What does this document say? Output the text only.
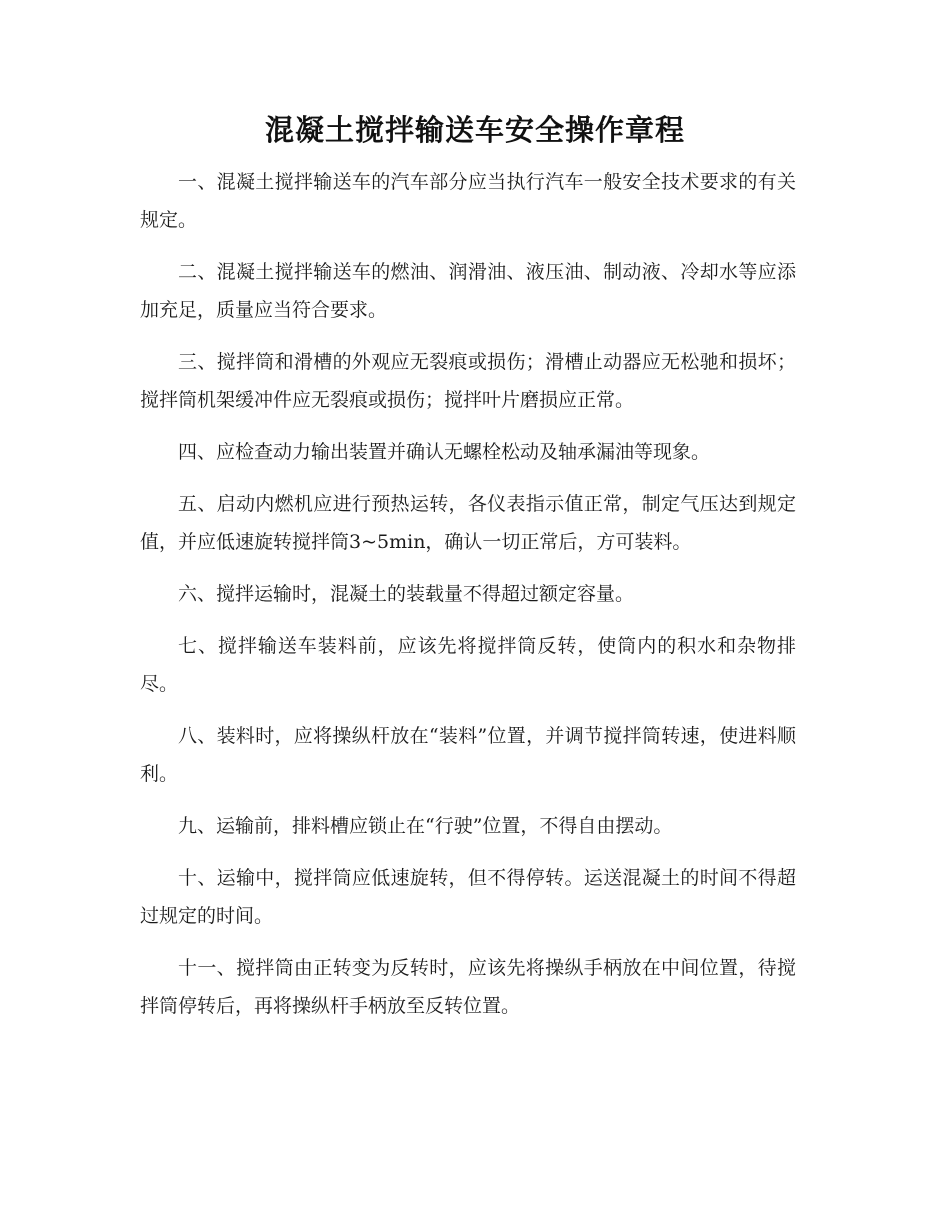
混凝土搅拌输送车安全操作章程

一、混凝土搅拌输送车的汽车部分应当执行汽车一般安全技术要求的有关规定。

二、混凝土搅拌输送车的燃油、润滑油、液压油、制动液、冷却水等应添加充足，质量应当符合要求。

三、搅拌筒和滑槽的外观应无裂痕或损伤；滑槽止动器应无松驰和损坏；搅拌筒机架缓冲件应无裂痕或损伤；搅拌叶片磨损应正常。

四、应检查动力输出装置并确认无螺栓松动及轴承漏油等现象。

五、启动内燃机应进行预热运转，各仪表指示值正常，制定气压达到规定值，并应低速旋转搅拌筒3~5min，确认一切正常后，方可装料。

六、搅拌运输时，混凝土的装载量不得超过额定容量。

七、搅拌输送车装料前，应该先将搅拌筒反转，使筒内的积水和杂物排尽。

八、装料时，应将操纵杆放在“装料”位置，并调节搅拌筒转速，使进料顺利。

九、运输前，排料槽应锁止在“行驶”位置，不得自由摆动。

十、运输中，搅拌筒应低速旋转，但不得停转。运送混凝土的时间不得超过规定的时间。

十一、搅拌筒由正转变为反转时，应该先将操纵手柄放在中间位置，待搅拌筒停转后，再将操纵杆手柄放至反转位置。
